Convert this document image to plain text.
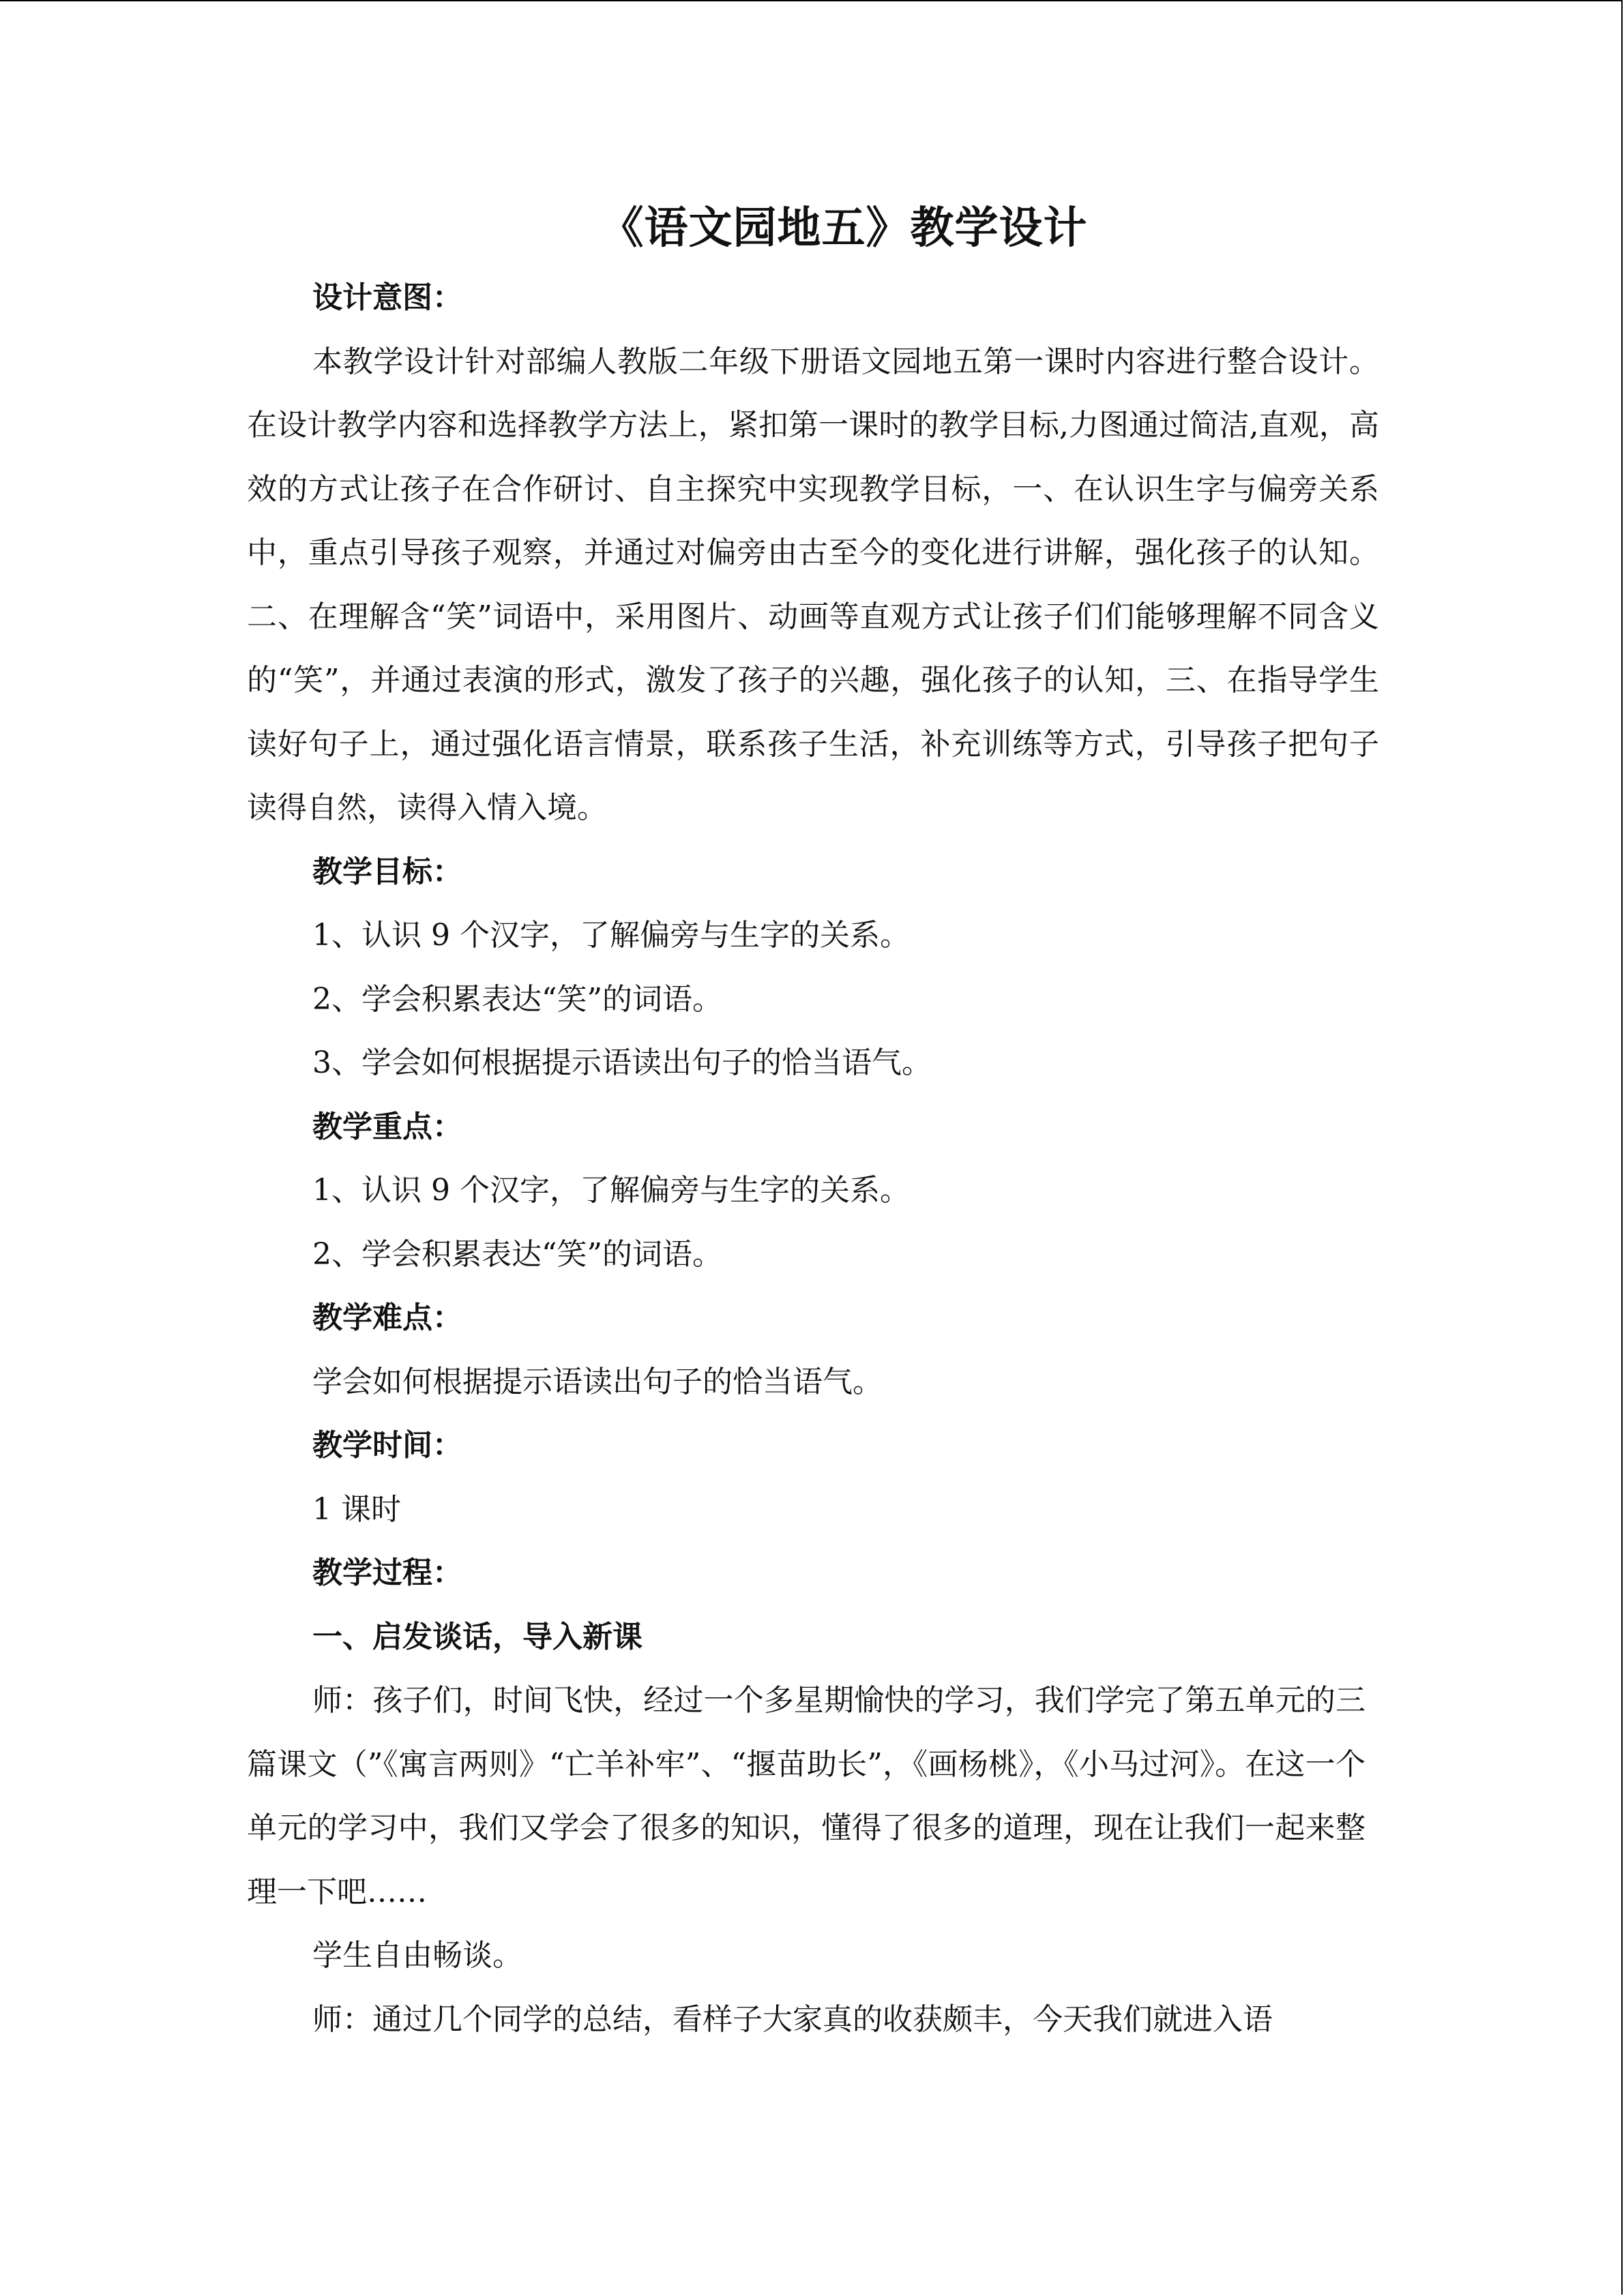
《语文园地五》教学设计

设计意图：

本教学设计针对部编人教版二年级下册语文园地五第一课时内容进行整合设计。在设计教学内容和选择教学方法上，紧扣第一课时的教学目标,力图通过简洁,直观，高效的方式让孩子在合作研讨、自主探究中实现教学目标，一、在认识生字与偏旁关系中，重点引导孩子观察，并通过对偏旁由古至今的变化进行讲解，强化孩子的认知。二、在理解含“笑”词语中，采用图片、动画等直观方式让孩子们们能够理解不同含义的“笑”，并通过表演的形式，激发了孩子的兴趣，强化孩子的认知，三、在指导学生读好句子上，通过强化语言情景，联系孩子生活，补充训练等方式，引导孩子把句子读得自然，读得入情入境。

教学目标：

1、认识 9 个汉字，了解偏旁与生字的关系。

2、学会积累表达“笑”的词语。

3、学会如何根据提示语读出句子的恰当语气。

教学重点：

1、认识 9 个汉字，了解偏旁与生字的关系。

2、学会积累表达“笑”的词语。

教学难点：

学会如何根据提示语读出句子的恰当语气。

教学时间：

1 课时

教学过程：

一、启发谈话，导入新课

师：孩子们，时间飞快，经过一个多星期愉快的学习，我们学完了第五单元的三篇课文（”《寓言两则》“亡羊补牢”、“揠苗助长”，《画杨桃》，《小马过河》。在这一个单元的学习中，我们又学会了很多的知识，懂得了很多的道理，现在让我们一起来整理一下吧……

学生自由畅谈。

师：通过几个同学的总结，看样子大家真的收获颇丰，今天我们就进入语
